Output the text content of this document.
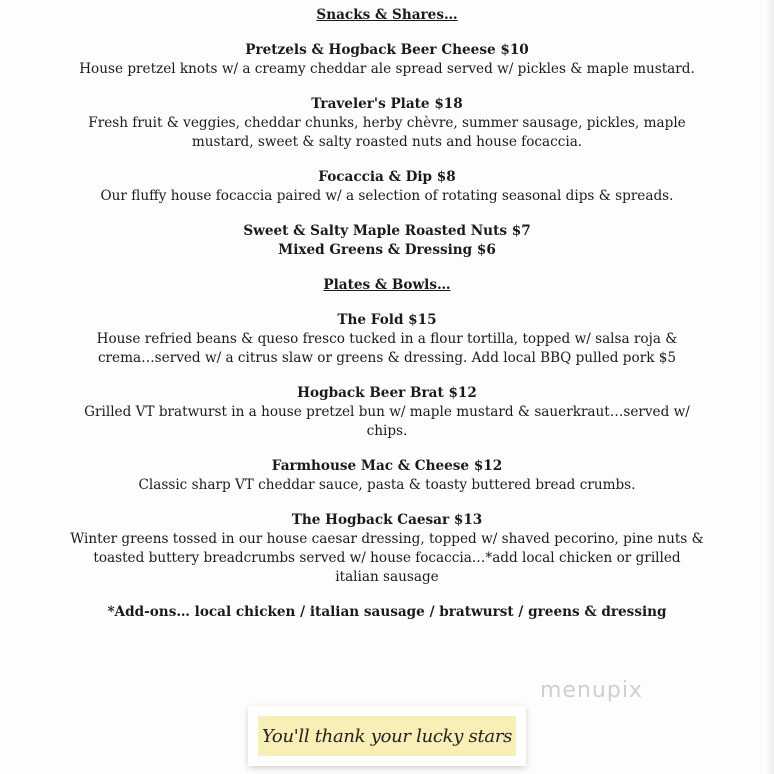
Snacks & Shares…
Pretzels & Hogback Beer Cheese $10
House pretzel knots w/ a creamy cheddar ale spread served w/ pickles & maple mustard.
Traveler's Plate $18
Fresh fruit & veggies, cheddar chunks, herby chèvre, summer sausage, pickles, maple mustard, sweet & salty roasted nuts and house focaccia.
Focaccia & Dip $8
Our fluffy house focaccia paired w/ a selection of rotating seasonal dips & spreads.
Sweet & Salty Maple Roasted Nuts $7
Mixed Greens & Dressing $6
Plates & Bowls…
The Fold $15
House refried beans & queso fresco tucked in a flour tortilla, topped w/ salsa roja & crema…served w/ a citrus slaw or greens & dressing. Add local BBQ pulled pork $5
Hogback Beer Brat $12
Grilled VT bratwurst in a house pretzel bun w/ maple mustard & sauerkraut…served w/ chips.
Farmhouse Mac & Cheese $12
Classic sharp VT cheddar sauce, pasta & toasty buttered bread crumbs.
The Hogback Caesar $13
Winter greens tossed in our house caesar dressing, topped w/ shaved pecorino, pine nuts & toasted buttery breadcrumbs served w/ house focaccia…*add local chicken or grilled italian sausage
*Add-ons… local chicken / italian sausage / bratwurst / greens & dressing
menupix
You'll thank your lucky stars
